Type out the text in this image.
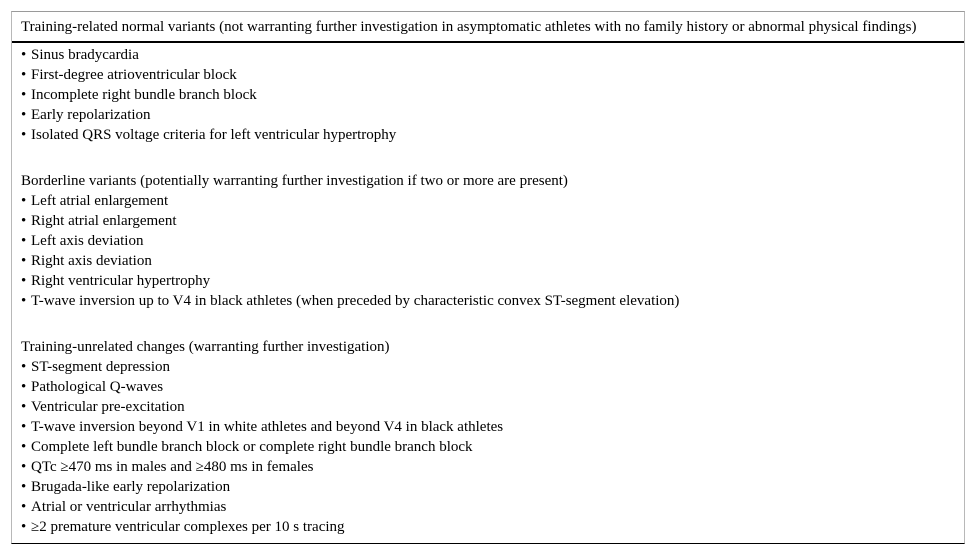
Training-related normal variants (not warranting further investigation in asymptomatic athletes with no family history or abnormal physical findings)
• Sinus bradycardia
• First-degree atrioventricular block
• Incomplete right bundle branch block
• Early repolarization
• Isolated QRS voltage criteria for left ventricular hypertrophy
Borderline variants (potentially warranting further investigation if two or more are present)
• Left atrial enlargement
• Right atrial enlargement
• Left axis deviation
• Right axis deviation
• Right ventricular hypertrophy
• T-wave inversion up to V4 in black athletes (when preceded by characteristic convex ST-segment elevation)
Training-unrelated changes (warranting further investigation)
• ST-segment depression
• Pathological Q-waves
• Ventricular pre-excitation
• T-wave inversion beyond V1 in white athletes and beyond V4 in black athletes
• Complete left bundle branch block or complete right bundle branch block
• QTc ≥470 ms in males and ≥480 ms in females
• Brugada-like early repolarization
• Atrial or ventricular arrhythmias
• ≥2 premature ventricular complexes per 10 s tracing
